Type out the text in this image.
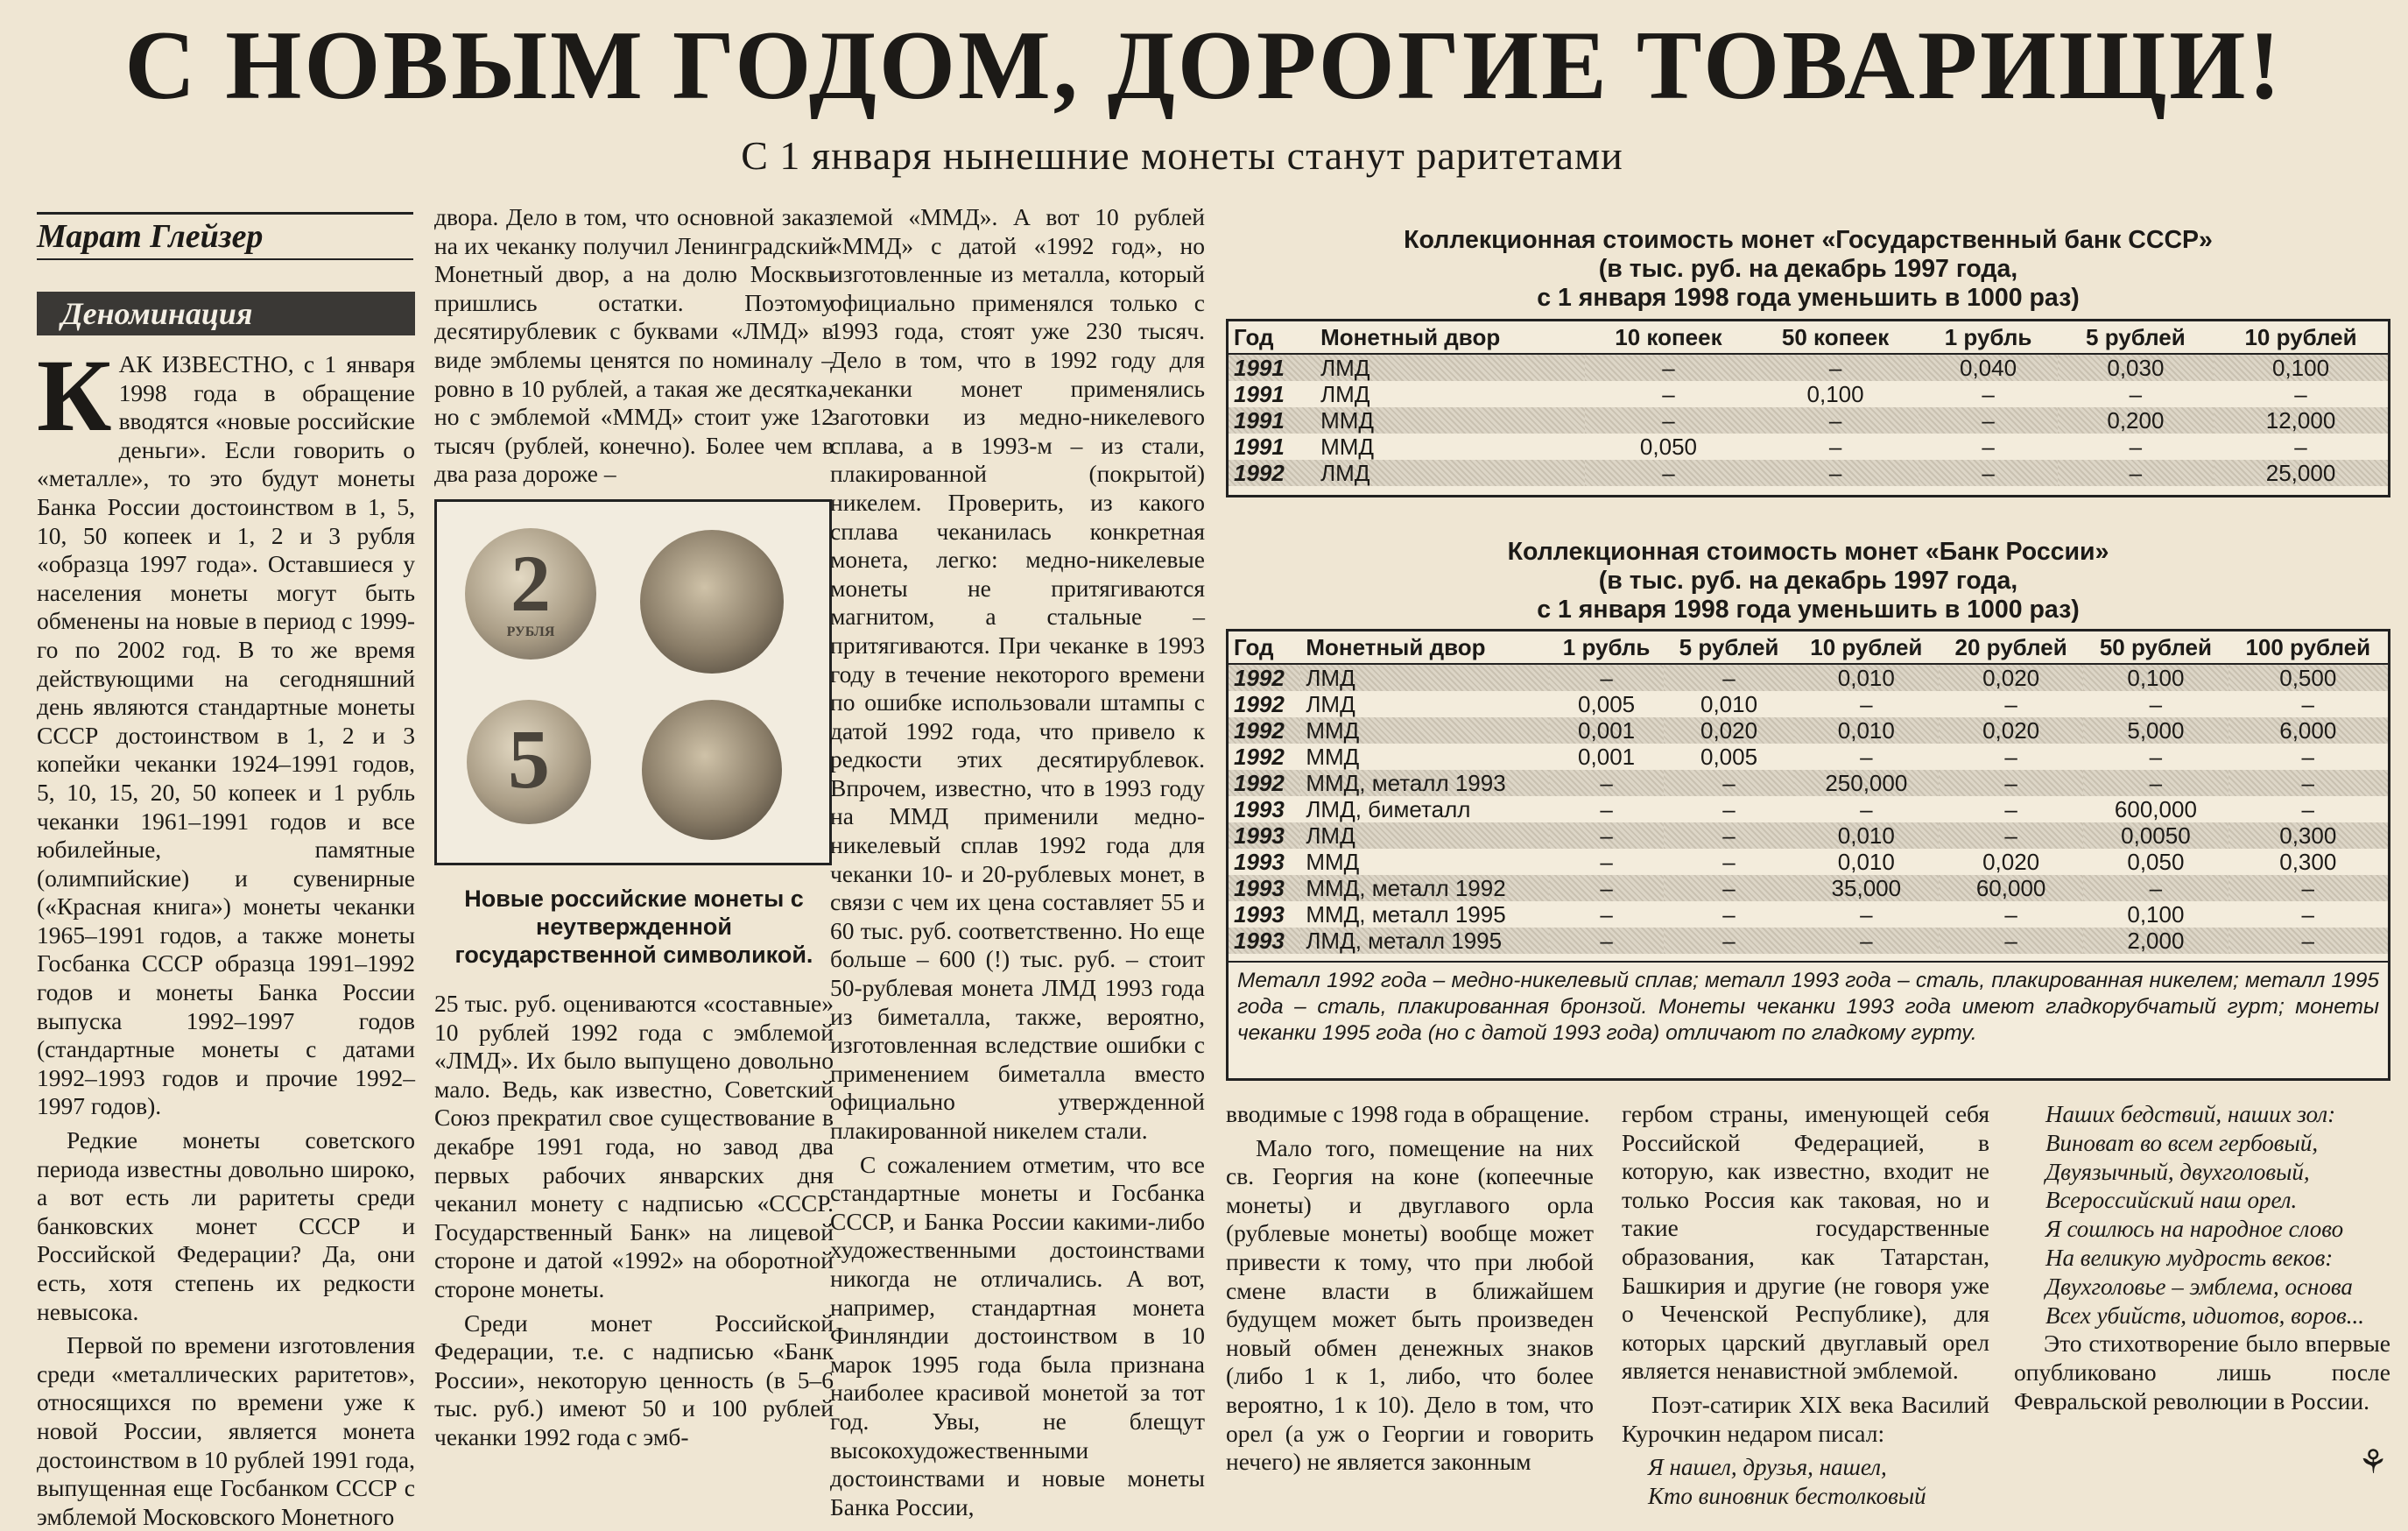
С НОВЫМ ГОДОМ, ДОРОГИЕ ТОВАРИЩИ!
С 1 января нынешние монеты станут раритетами
Марат Глейзер
Деноминация

КАК ИЗВЕСТНО, с 1 января 1998 года в обращение вводятся «новые российские деньги». Если говорить о «металле», то это будут монеты Банка России достоинством в 1, 5, 10, 50 копеек и 1, 2 и 3 рубля «образца 1997 года». Оставшиеся у населения монеты могут быть обменены на новые в период с 1999-го по 2002 год. В то же время действующими на сегодняшний день являются стандартные монеты СССР достоинством в 1, 2 и 3 копейки чеканки 1924–1991 годов, 5, 10, 15, 20, 50 копеек и 1 рубль чеканки 1961–1991 годов и все юбилейные, памятные (олимпийские) и сувенирные («Красная книга») монеты чеканки 1965–1991 годов, а также монеты Госбанка СССР образца 1991–1992 годов и монеты Банка России выпуска 1992–1997 годов (стандартные монеты с датами 1992–1993 годов и прочие 1992–1997 годов).

Редкие монеты советского периода известны довольно широко, а вот есть ли раритеты среди банковских монет СССР и Российской Федерации? Да, они есть, хотя степень их редкости невысока.

Первой по времени изготовления среди «металлических раритетов», относящихся по времени уже к новой России, является монета достоинством в 10 рублей 1991 года, выпущенная еще Госбанком СССР с эмблемой Московского Монетного

двора. Дело в том, что основной заказ на их чеканку получил Ленинградский Монетный двор, а на долю Москвы пришлись остатки. Поэтому десятирублевик с буквами «ЛМД» в виде эмблемы ценятся по номиналу – ровно в 10 рублей, а такая же десятка, но с эмблемой «ММД» стоит уже 12 тысяч (рублей, конечно). Более чем в два раза дороже –

2
РУБЛЯ
5
Новые российские монеты с неутвержденной государственной символикой.

25 тыс. руб. оцениваются «составные» 10 рублей 1992 года с эмблемой «ЛМД». Их было выпущено довольно мало. Ведь, как известно, Советский Союз прекратил свое существование в декабре 1991 года, но завод два первых рабочих январских дня чеканил монету с надписью «СССР. Государственный Банк» на лицевой стороне и датой «1992» на оборотной стороне монеты.

Среди монет Российской Федерации, т.е. с надписью «Банк России», некоторую ценность (в 5–6 тыс. руб.) имеют 50 и 100 рублей чеканки 1992 года с эмб-

лемой «ММД». А вот 10 рублей «ММД» с датой «1992 год», но изготовленные из металла, который официально применялся только с 1993 года, стоят уже 230 тысяч. Дело в том, что в 1992 году для чеканки монет применялись заготовки из медно-никелевого сплава, а в 1993-м – из стали, плакированной (покрытой) никелем. Проверить, из какого сплава чеканилась конкретная монета, легко: медно-никелевые монеты не притягиваются магнитом, а стальные – притягиваются. При чеканке в 1993 году в течение некоторого времени по ошибке использовали штампы с датой 1992 года, что привело к редкости этих десятирублевок. Впрочем, известно, что в 1993 году на ММД применили медно-никелевый сплав 1992 года для чеканки 10- и 20-рублевых монет, в связи с чем их цена составляет 55 и 60 тыс. руб. соответственно. Но еще больше – 600 (!) тыс. руб. – стоит 50-рублевая монета ЛМД 1993 года из биметалла, также, вероятно, изготовленная вследствие ошибки с применением биметалла вместо официально утвержденной плакированной никелем стали.

С сожалением отметим, что все стандартные монеты и Госбанка СССР, и Банка России какими-либо художественными достоинствами никогда не отличались. А вот, например, стандартная монета Финляндии достоинством в 10 марок 1995 года была признана наиболее красивой монетой за тот год. Увы, не блещут высокохудожественными достоинствами и новые монеты Банка России,

Коллекционная стоимость монет «Государственный банк СССР»
(в тыс. руб. на декабрь 1997 года,
с 1 января 1998 года уменьшить в 1000 раз)
Год	Монетный двор	10 копеек	50 копеек	1 рубль	5 рублей	10 рублей
1991	ЛМД	–	–	0,040	0,030	0,100
1991	ЛМД	–	0,100	–	–	–
1991	ММД	–	–	–	0,200	12,000
1991	ММД	0,050	–	–	–	–
1992	ЛМД	–	–	–	–	25,000
Коллекционная стоимость монет «Банк России»
(в тыс. руб. на декабрь 1997 года,
с 1 января 1998 года уменьшить в 1000 раз)
Год	Монетный двор	1 рубль	5 рублей	10 рублей	20 рублей	50 рублей	100 рублей
1992	ЛМД	–	–	0,010	0,020	0,100	0,500
1992	ЛМД	0,005	0,010	–	–	–	–
1992	ММД	0,001	0,020	0,010	0,020	5,000	6,000
1992	ММД	0,001	0,005	–	–	–	–
1992	ММД, металл 1993	–	–	250,000	–	–	–
1993	ЛМД, биметалл	–	–	–	–	600,000	–
1993	ЛМД	–	–	0,010	–	0,0050	0,300
1993	ММД	–	–	0,010	0,020	0,050	0,300
1993	ММД, металл 1992	–	–	35,000	60,000	–	–
1993	ММД, металл 1995	–	–	–	–	0,100	–
1993	ЛМД, металл 1995	–	–	–	–	2,000	–
Металл 1992 года – медно-никелевый сплав; металл 1993 года – сталь, плакированная никелем; металл 1995 года – сталь, плакированная бронзой. Монеты чеканки 1993 года имеют гладкорубчатый гурт; монеты чеканки 1995 года (но с датой 1993 года) отличают по гладкому гурту.

вводимые с 1998 года в обращение.

Мало того, помещение на них св. Георгия на коне (копеечные монеты) и двуглавого орла (рублевые монеты) вообще может привести к тому, что при любой смене власти в ближайшем будущем может быть произведен новый обмен денежных знаков (либо 1 к 1, либо, что более вероятно, 1 к 10). Дело в том, что орел (а уж о Георгии и говорить нечего) не является законным

гербом страны, именующей себя Российской Федерацией, в которую, как известно, входит не только Россия как таковая, но и такие государственные образования, как Татарстан, Башкирия и другие (не говоря уже о Чеченской Республике), для которых царский двуглавый орел является ненавистной эмблемой.

Поэт-сатирик XIX века Василий Курочкин недаром писал:

Я нашел, друзья, нашел,
Кто виновник бестолковый
Наших бедствий, наших зол:
Виноват во всем гербовый,
Двуязычный, двухголовый,
Всероссийский наш орел.
Я сошлюсь на народное слово
На великую мудрость веков:
Двухголовье – эмблема, основа
Всех убийств, идиотов, воров...

Это стихотворение было впервые опубликовано лишь после Февральской революции в России.

⚘
